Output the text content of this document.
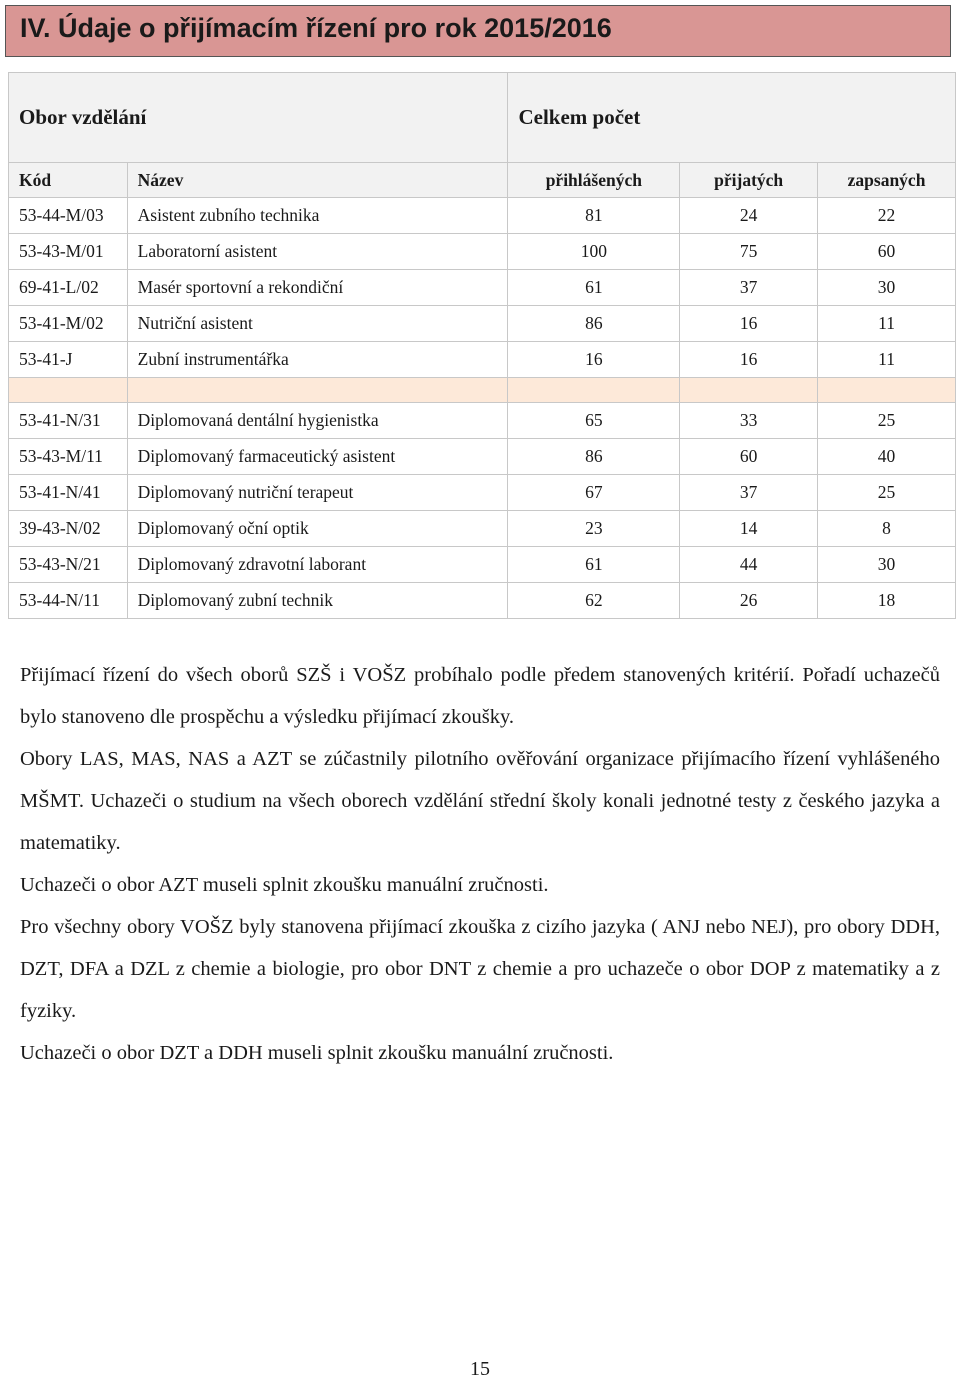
IV. Údaje o přijímacím řízení pro rok 2015/2016
Obor vzdělání		Celkem počet		
Kód	Název	přihlášených	přijatých	zapsaných
53-44-M/03	Asistent zubního technika	81	24	22
53-43-M/01	Laboratorní asistent	100	75	60
69-41-L/02	Masér sportovní a rekondiční	61	37	30
53-41-M/02	Nutriční asistent	86	16	11
53-41-J	Zubní instrumentářka	16	16	11

53-41-N/31	Diplomovaná dentální hygienistka	65	33	25
53-43-M/11	Diplomovaný farmaceutický asistent	86	60	40
53-41-N/41	Diplomovaný nutriční terapeut	67	37	25
39-43-N/02	Diplomovaný oční optik	23	14	8
53-43-N/21	Diplomovaný zdravotní laborant	61	44	30
53-44-N/11	Diplomovaný zubní technik	62	26	18

Přijímací řízení do všech oborů SZŠ i VOŠZ probíhalo podle předem stanovených kritérií. Pořadí uchazečů bylo stanoveno dle prospěchu a výsledku přijímací zkoušky.

Obory LAS, MAS, NAS a AZT se zúčastnily pilotního ověřování organizace přijímacího řízení vyhlášeného MŠMT. Uchazeči o studium na všech oborech vzdělání střední školy konali jednotné testy z českého jazyka a matematiky.

Uchazeči o obor AZT museli splnit zkoušku manuální zručnosti.

Pro všechny obory VOŠZ byly stanovena přijímací zkouška z cizího jazyka ( ANJ nebo NEJ), pro obory DDH, DZT, DFA a DZL z chemie a biologie, pro obor DNT z chemie a pro uchazeče o obor DOP z matematiky a z fyziky.

Uchazeči o obor DZT a DDH museli splnit zkoušku manuální zručnosti.

15
